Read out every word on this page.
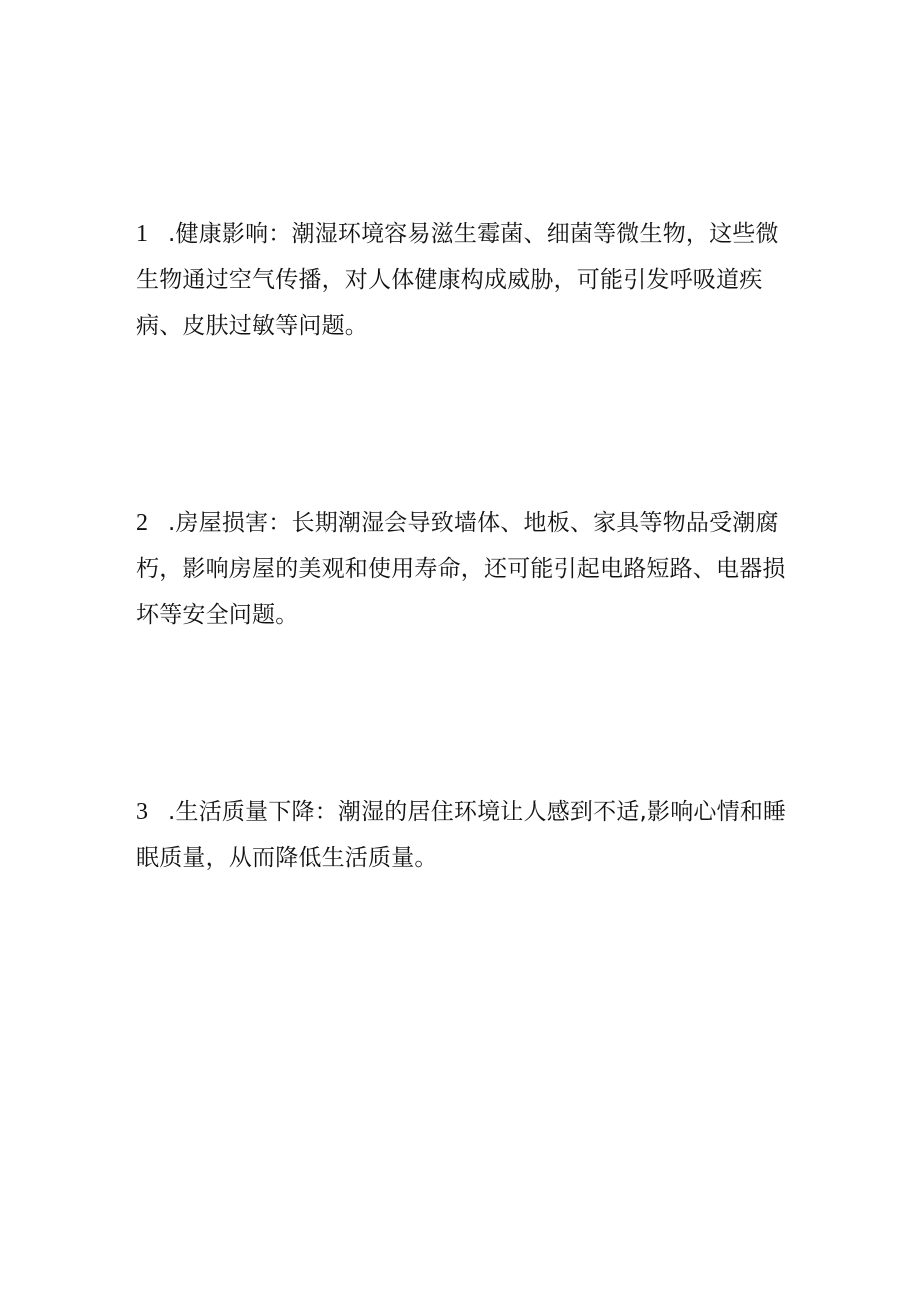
1 .健康影响：潮湿环境容易滋生霉菌、细菌等微生物，这些微生物通过空气传播，对人体健康构成威胁，可能引发呼吸道疾病、皮肤过敏等问题。

2 .房屋损害：长期潮湿会导致墙体、地板、家具等物品受潮腐朽，影响房屋的美观和使用寿命，还可能引起电路短路、电器损坏等安全问题。

3 .生活质量下降：潮湿的居住环境让人感到不适,影响心情和睡眠质量，从而降低生活质量。
